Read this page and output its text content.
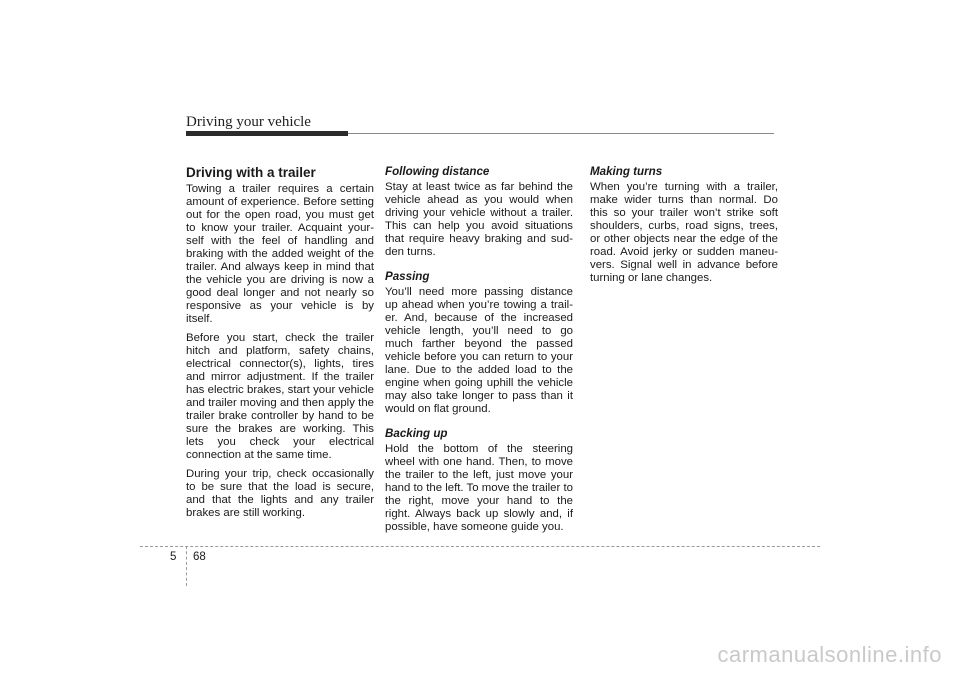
Driving your vehicle
Driving with a trailer

Towing a trailer requires a certain amount of experience. Before setting out for the open road, you must get to know your trailer. Acquaint your- self with the feel of handling and braking with the added weight of the trailer. And always keep in mind that the vehicle you are driving is now a good deal longer and not nearly so responsive as your vehicle is by itself.

Before you start, check the trailer hitch and platform, safety chains, electrical connector(s), lights, tires and mirror adjustment. If the trailer has electric brakes, start your vehicle and trailer moving and then apply the trailer brake controller by hand to be sure the brakes are working. This lets you check your electrical connection at the same time.

During your trip, check occasionally to be sure that the load is secure, and that the lights and any trailer brakes are still working.

Following distance

Stay at least twice as far behind the vehicle ahead as you would when driving your vehicle without a trailer. This can help you avoid situations that require heavy braking and sud- den turns.

Passing

You’ll need more passing distance up ahead when you’re towing a trail- er. And, because of the increased vehicle length, you’ll need to go much farther beyond the passed vehicle before you can return to your lane. Due to the added load to the engine when going uphill the vehicle may also take longer to pass than it would on flat ground.

Backing up

Hold the bottom of the steering wheel with one hand. Then, to move the trailer to the left, just move your hand to the left. To move the trailer to the right, move your hand to the right. Always back up slowly and, if possible, have someone guide you.

Making turns

When you’re turning with a trailer, make wider turns than normal. Do this so your trailer won’t strike soft shoulders, curbs, road signs, trees, or other objects near the edge of the road. Avoid jerky or sudden maneu- vers. Signal well in advance before turning or lane changes.

5 68
carmanualsonline.info
